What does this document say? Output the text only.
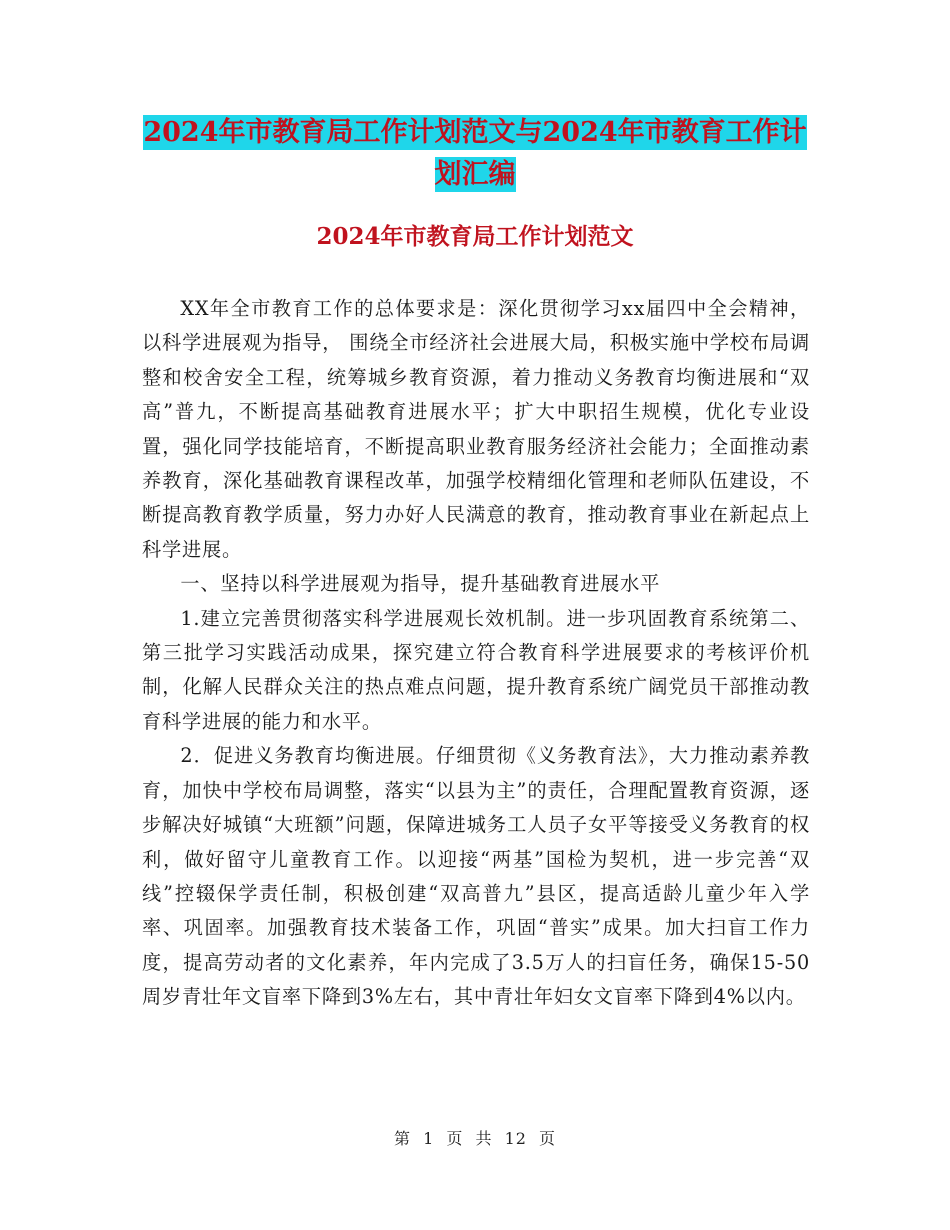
2024年市教育局工作计划范文与2024年市教育工作计
划汇编
2024年市教育局工作计划范文

XX年全市教育工作的总体要求是：深化贯彻学习xx届四中全会精神，以科学进展观为指导， 围绕全市经济社会进展大局，积极实施中学校布局调整和校舍安全工程，统筹城乡教育资源，着力推动义务教育均衡进展和“双高”普九，不断提高基础教育进展水平；扩大中职招生规模，优化专业设置，强化同学技能培育，不断提高职业教育服务经济社会能力；全面推动素养教育，深化基础教育课程改革，加强学校精细化管理和老师队伍建设，不断提高教育教学质量，努力办好人民满意的教育，推动教育事业在新起点上科学进展。

一、坚持以科学进展观为指导，提升基础教育进展水平

1.建立完善贯彻落实科学进展观长效机制。进一步巩固教育系统第二、第三批学习实践活动成果，探究建立符合教育科学进展要求的考核评价机制，化解人民群众关注的热点难点问题，提升教育系统广阔党员干部推动教育科学进展的能力和水平。

2．促进义务教育均衡进展。仔细贯彻《义务教育法》，大力推动素养教育，加快中学校布局调整，落实“以县为主”的责任，合理配置教育资源，逐步解决好城镇“大班额”问题，保障进城务工人员子女平等接受义务教育的权利，做好留守儿童教育工作。以迎接“两基”国检为契机，进一步完善“双线”控辍保学责任制，积极创建“双高普九”县区，提高适龄儿童少年入学率、巩固率。加强教育技术装备工作，巩固“普实”成果。加大扫盲工作力度，提高劳动者的文化素养，年内完成了3.5万人的扫盲任务，确保15-50周岁青壮年文盲率下降到3%左右，其中青壮年妇女文盲率下降到4%以内。

第 1 页 共 12 页
